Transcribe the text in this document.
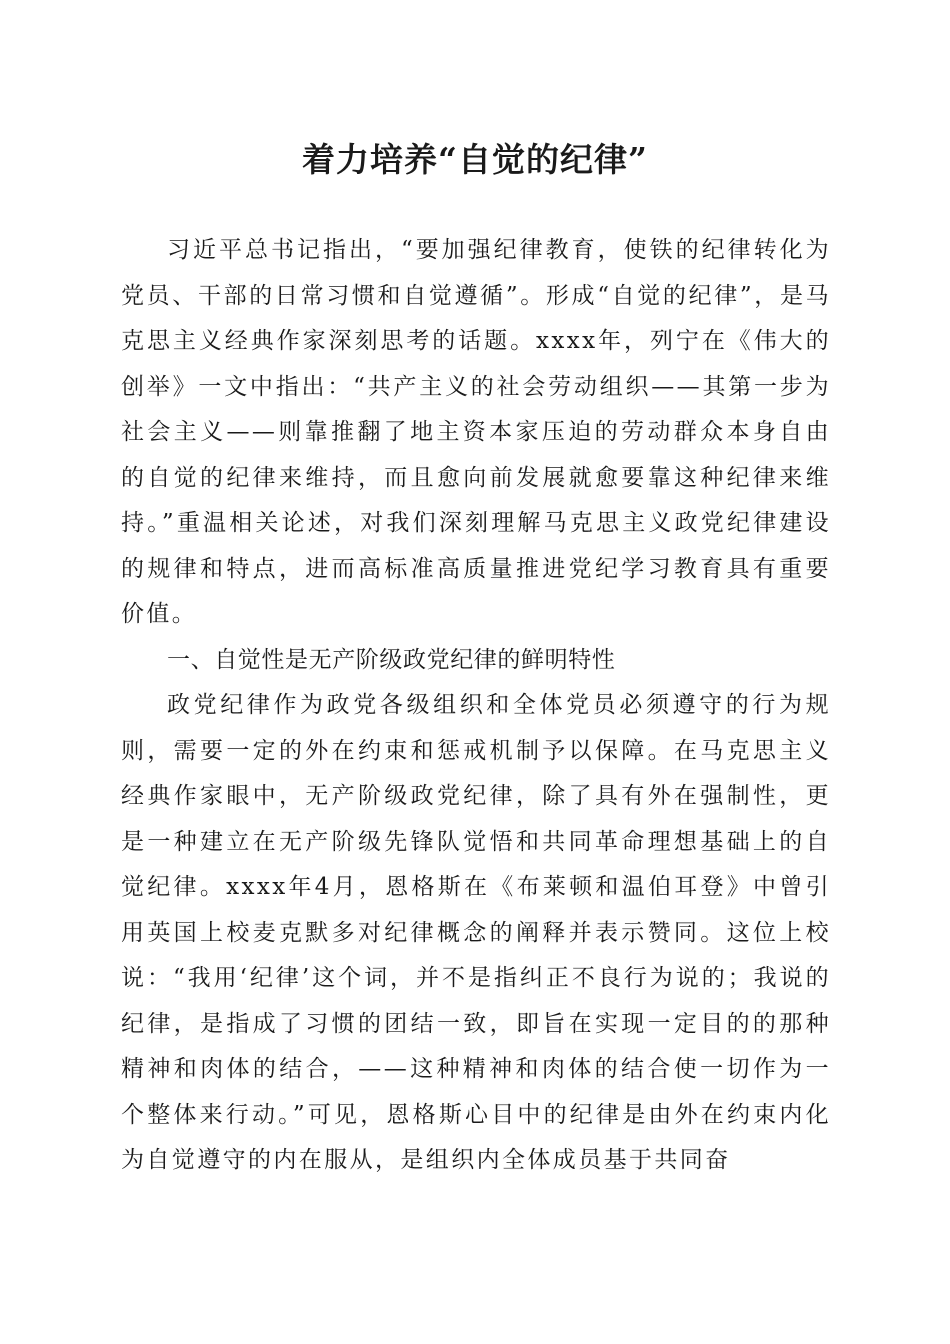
着力培养“自觉的纪律”

习近平总书记指出，“要加强纪律教育，使铁的纪律转化为党员、干部的日常习惯和自觉遵循”。形成“自觉的纪律”，是马克思主义经典作家深刻思考的话题。xxxx年，列宁在《伟大的创举》一文中指出：“共产主义的社会劳动组织——其第一步为社会主义——则靠推翻了地主资本家压迫的劳动群众本身自由的自觉的纪律来维持，而且愈向前发展就愈要靠这种纪律来维持。”重温相关论述，对我们深刻理解马克思主义政党纪律建设的规律和特点，进而高标准高质量推进党纪学习教育具有重要价值。

一、自觉性是无产阶级政党纪律的鲜明特性

政党纪律作为政党各级组织和全体党员必须遵守的行为规则，需要一定的外在约束和惩戒机制予以保障。在马克思主义经典作家眼中，无产阶级政党纪律，除了具有外在强制性，更是一种建立在无产阶级先锋队觉悟和共同革命理想基础上的自觉纪律。xxxx年4月，恩格斯在《布莱顿和温伯耳登》中曾引用英国上校麦克默多对纪律概念的阐释并表示赞同。这位上校说：“我用‘纪律’这个词，并不是指纠正不良行为说的；我说的纪律，是指成了习惯的团结一致，即旨在实现一定目的的那种精神和肉体的结合，——这种精神和肉体的结合使一切作为一个整体来行动。”可见，恩格斯心目中的纪律是由外在约束内化为自觉遵守的内在服从，是组织内全体成员基于共同奋
